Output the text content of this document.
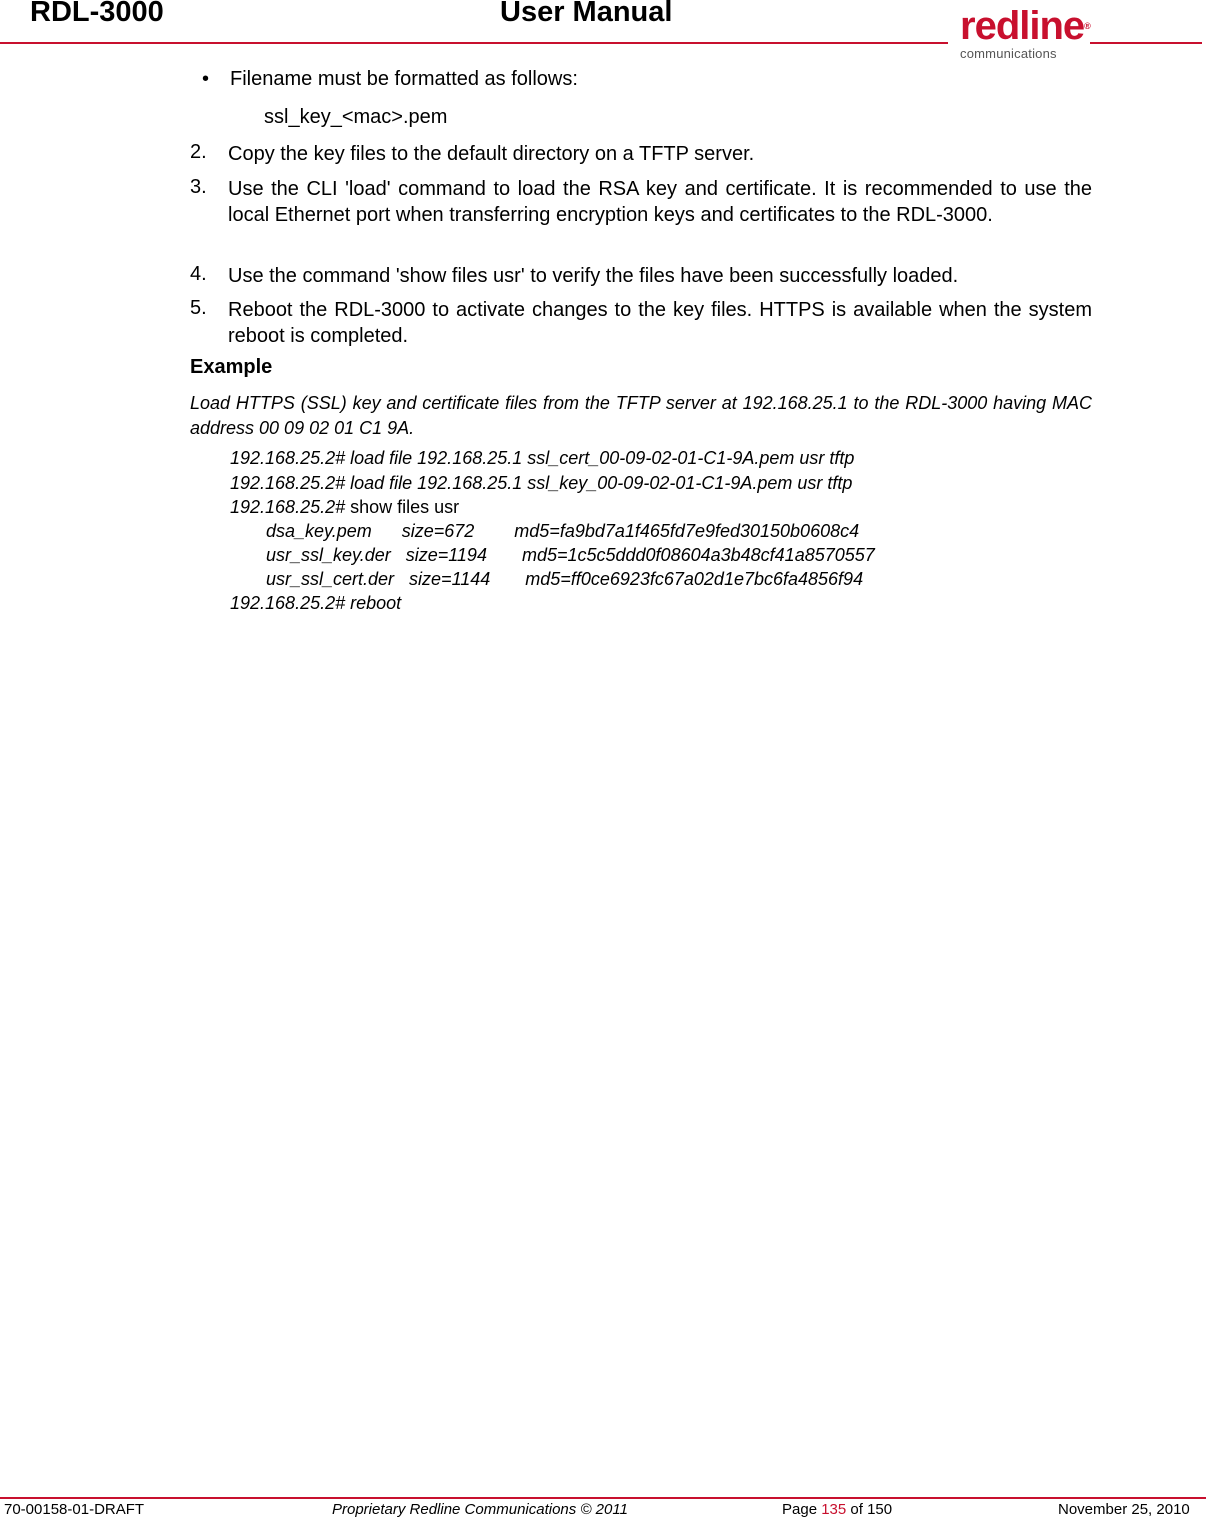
RDL-3000	User Manual	redline®
communications
• Filename must be formatted as follows:
ssl_key_<mac>.pem
2. Copy the key files to the default directory on a TFTP server.
3. Use the CLI 'load' command to load the RSA key and certificate. It is recommended to use the local Ethernet port when transferring encryption keys and certificates to the RDL-3000.
4. Use the command 'show files usr' to verify the files have been successfully loaded.
5. Reboot the RDL-3000 to activate changes to the key files. HTTPS is available when the system reboot is completed.
Example
Load HTTPS (SSL) key and certificate files from the TFTP server at 192.168.25.1 to the RDL-3000 having MAC address 00 09 02 01 C1 9A.
192.168.25.2# load file 192.168.25.1 ssl_cert_00-09-02-01-C1-9A.pem usr tftp
192.168.25.2# load file 192.168.25.1 ssl_key_00-09-02-01-C1-9A.pem usr tftp
192.168.25.2# show files usr
dsa_key.pem      size=672        md5=fa9bd7a1f465fd7e9fed30150b0608c4
usr_ssl_key.der   size=1194       md5=1c5c5ddd0f08604a3b48cf41a8570557
usr_ssl_cert.der   size=1144       md5=ff0ce6923fc67a02d1e7bc6fa4856f94
192.168.25.2# reboot
70-00158-01-DRAFT	Proprietary Redline Communications © 2011	Page 135 of 150	November 25, 2010
